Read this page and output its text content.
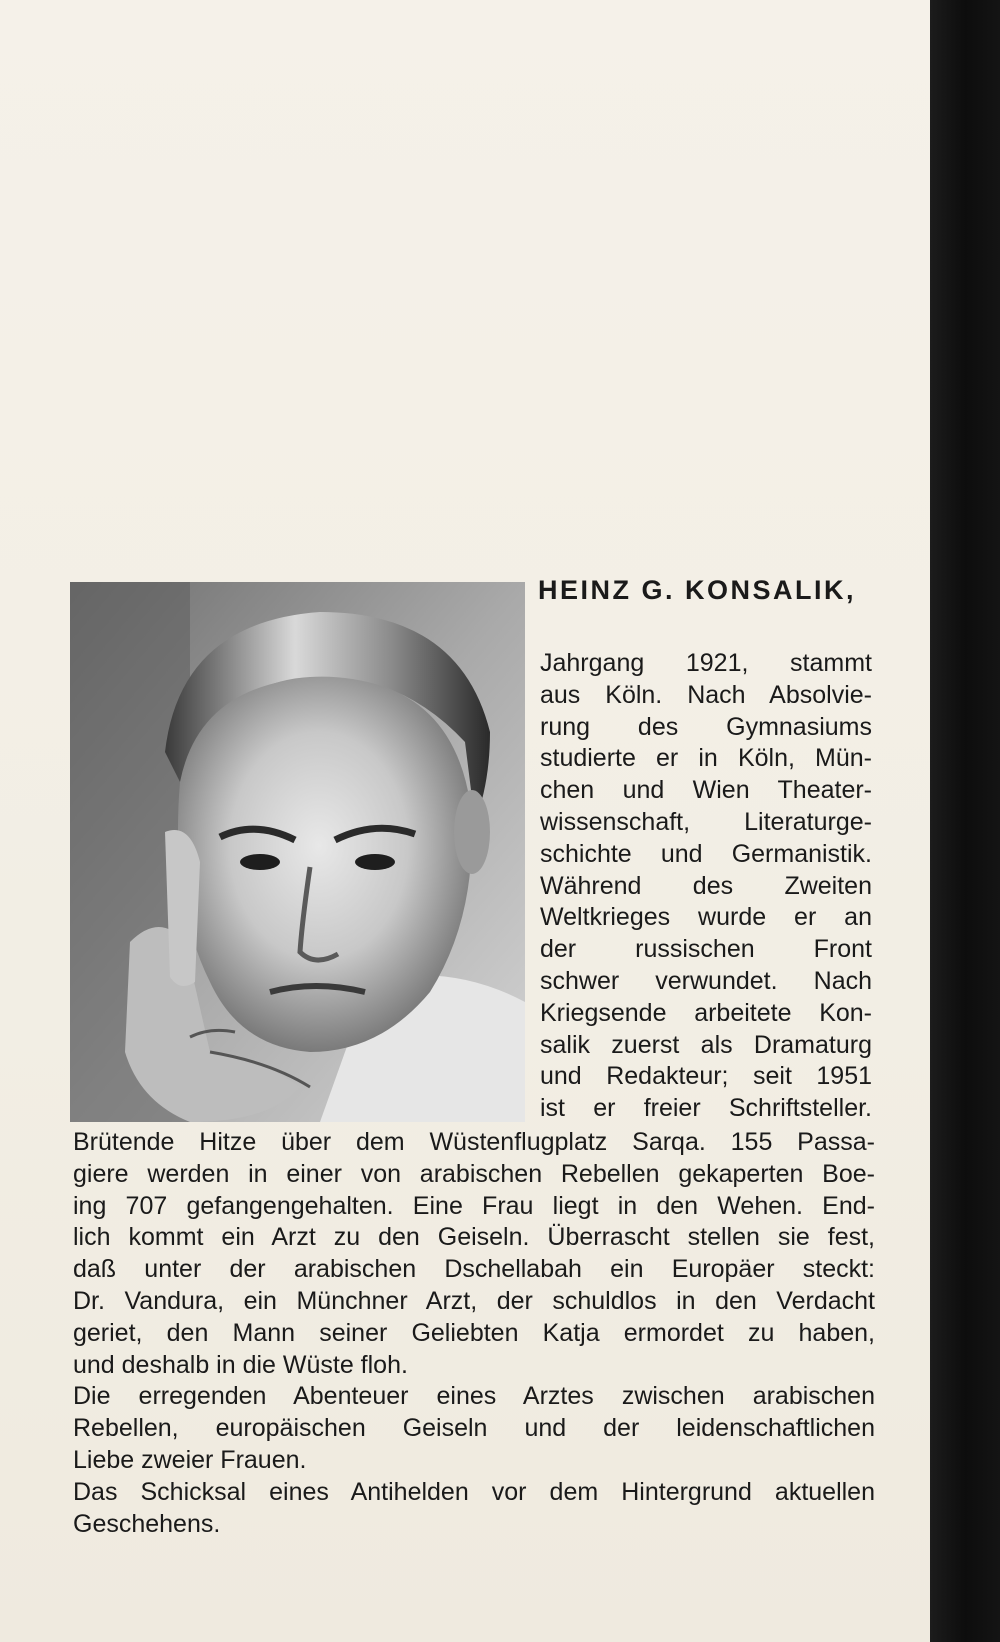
HEINZ G. KONSALIK,
Jahrgang 1921, stammt
aus Köln. Nach Absolvie-
rung des Gymnasiums
studierte er in Köln, Mün-
chen und Wien Theater-
wissenschaft, Literaturge-
schichte und Germanistik.
Während des Zweiten
Weltkrieges wurde er an
der russischen Front
schwer verwundet. Nach
Kriegsende arbeitete Kon-
salik zuerst als Dramaturg
und Redakteur; seit 1951
ist er freier Schriftsteller.
Brütende Hitze über dem Wüstenflugplatz Sarqa. 155 Passa-
giere werden in einer von arabischen Rebellen gekaperten Boe-
ing 707 gefangengehalten. Eine Frau liegt in den Wehen. End-
lich kommt ein Arzt zu den Geiseln. Überrascht stellen sie fest,
daß unter der arabischen Dschellabah ein Europäer steckt:
Dr. Vandura, ein Münchner Arzt, der schuldlos in den Verdacht
geriet, den Mann seiner Geliebten Katja ermordet zu haben,
und deshalb in die Wüste floh.
Die erregenden Abenteuer eines Arztes zwischen arabischen
Rebellen, europäischen Geiseln und der leidenschaftlichen
Liebe zweier Frauen.
Das Schicksal eines Antihelden vor dem Hintergrund aktuellen
Geschehens.
